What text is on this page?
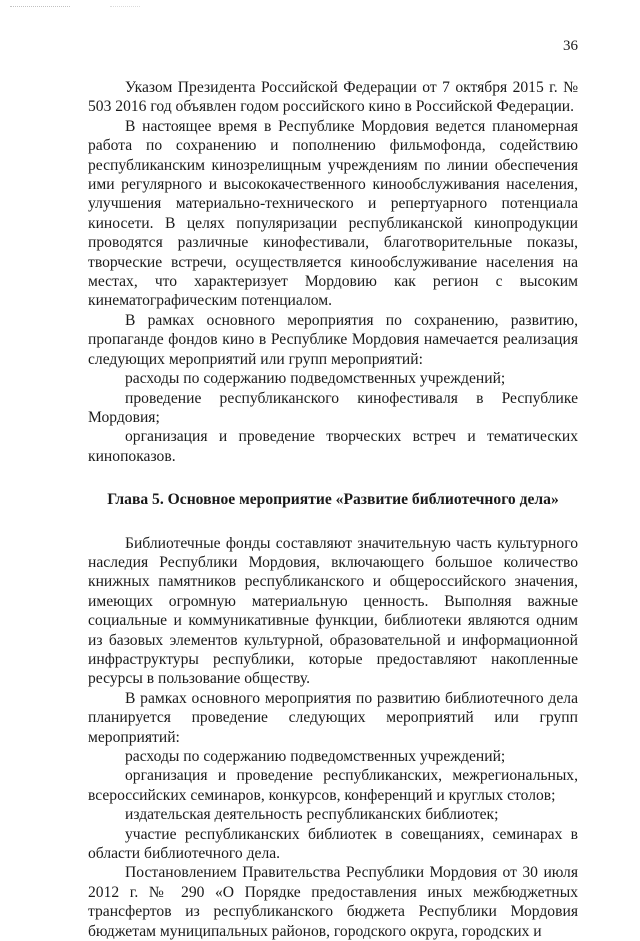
36

Указом Президента Российской Федерации от 7 октября 2015 г. № 503 2016 год объявлен годом российского кино в Российской Федерации.

В настоящее время в Республике Мордовия ведется планомерная работа по сохранению и пополнению фильмофонда, содействию республиканским кинозрелищным учреждениям по линии обеспечения ими регулярного и высококачественного кинообслуживания населения, улучшения материально-технического и репертуарного потенциала киносети. В целях популяризации республиканской кинопродукции проводятся различные кинофестивали, благотворительные показы, творческие встречи, осуществляется кинообслуживание населения на местах, что характеризует Мордовию как регион с высоким кинематографическим потенциалом.

В рамках основного мероприятия по сохранению, развитию, пропаганде фондов кино в Республике Мордовия намечается реализация следующих мероприятий или групп мероприятий:

расходы по содержанию подведомственных учреждений;

проведение республиканского кинофестиваля в Республике Мордовия;

организация и проведение творческих встреч и тематических кинопоказов.

Глава 5. Основное мероприятие «Развитие библиотечного дела»

Библиотечные фонды составляют значительную часть культурного наследия Республики Мордовия, включающего большое количество книжных памятников республиканского и общероссийского значения, имеющих огромную материальную ценность. Выполняя важные социальные и коммуникативные функции, библиотеки являются одним из базовых элементов культурной, образовательной и информационной инфраструктуры республики, которые предоставляют накопленные ресурсы в пользование обществу.

В рамках основного мероприятия по развитию библиотечного дела планируется проведение следующих мероприятий или групп мероприятий:

расходы по содержанию подведомственных учреждений;

организация и проведение республиканских, межрегиональных, всероссийских семинаров, конкурсов, конференций и круглых столов;

издательская деятельность республиканских библиотек;

участие республиканских библиотек в совещаниях, семинарах в области библиотечного дела.

Постановлением Правительства Республики Мордовия от 30 июля 2012 г. № 290 «О Порядке предоставления иных межбюджетных трансфертов из республиканского бюджета Республики Мордовия бюджетам муниципальных районов, городского округа, городских и
